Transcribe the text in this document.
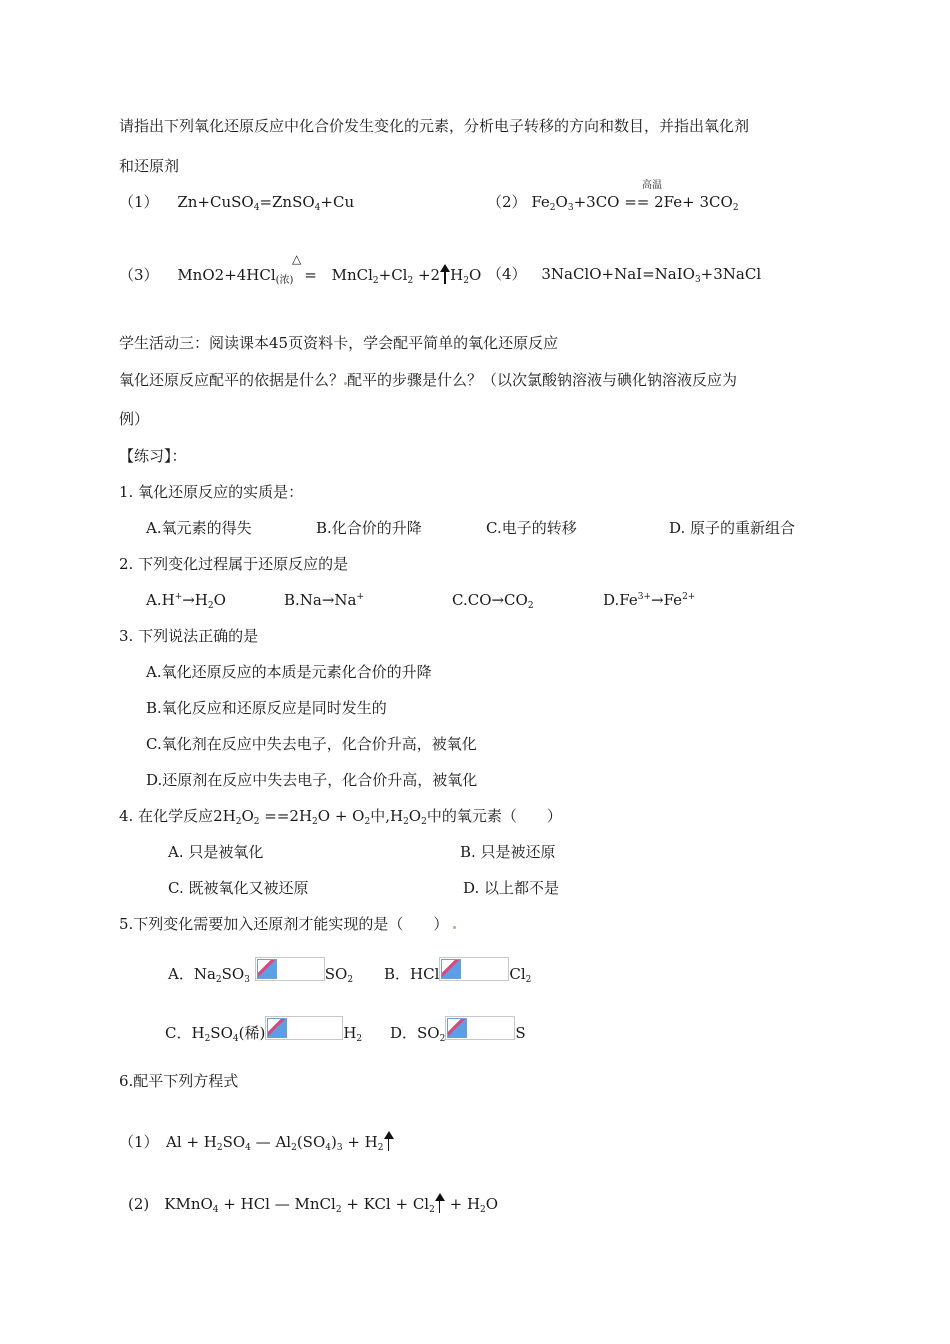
请指出下列氧化还原反应中化合价发生变化的元素，分析电子转移的方向和数目，并指出氧化剂
和还原剂
（1） Zn+CuSO$_4$=ZnSO$_4$+Cu
高温
（2） $Fe_2O_3+3CO == 2Fe+ 3CO_2$
△
（3） $MnO2+4HCl_{(浓)} = MnCl_2+Cl_2 +2$ $H_2O$ （4） 3NaClO+NaI=NaIO$_3$+3NaCl
学生活动三：阅读课本45页资料卡，学会配平简单的氧化还原反应
氧化还原反应配平的依据是什么？ 配平的步骤是什么？（以次氯酸钠溶液与碘化钠溶液反应为
例）
【练习】：
1. 氧化还原反应的实质是：
A.氧元素的得失	B.化合价的升降	C.电子的转移	D. 原子的重新组合
2. 下列变化过程属于还原反应的是
$A.H^+\to H_2O$	B.Na→Na+	$C.CO\to CO_2$	$D.Fe^{3+}\to Fe^{2+}$
3. 下列说法正确的是
A.氧化还原反应的本质是元素化合价的升降
B.氧化反应和还原反应是同时发生的
C.氧化剂在反应中失去电子，化合价升高，被氧化
D.还原剂在反应中失去电子，化合价升高，被氧化
4. 在化学反应$2H_2O_2 ==2H_2O + O_2$中$,H_2O_2$中的氧元素（　　）
A. 只是被氧化	B. 只是被还原
C. 既被氧化又被还原	D. 以上都不是
5.下列变化需要加入还原剂才能实现的是（　　）
A．$Na_2SO_3$	$SO_2$ B．HCl	$Cl_2$
C．$H_2SO_4$(稀)	$H_2$ D．$SO_2$	S
6.配平下列方程式
（1）　$Al + H_2SO_4$ — $Al_2(SO_4)_3 + H_2$
(2)　KMnO$_4$ + HCl — MnCl$_2$ + KCl + $Cl_2 + H_2O$
